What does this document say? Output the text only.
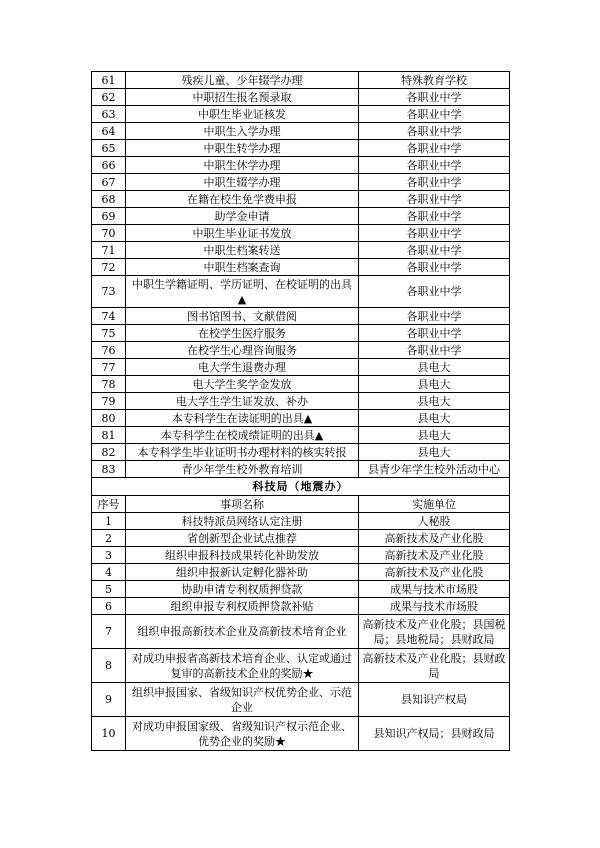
61	残疾儿童、少年辍学办理	特殊教育学校
62	中职招生报名预录取	各职业中学
63	中职生毕业证核发	各职业中学
64	中职生入学办理	各职业中学
65	中职生转学办理	各职业中学
66	中职生休学办理	各职业中学
67	中职生辍学办理	各职业中学
68	在籍在校生免学费申报	各职业中学
69	助学金申请	各职业中学
70	中职生毕业证书发放	各职业中学
71	中职生档案转送	各职业中学
72	中职生档案查询	各职业中学
73	中职生学籍证明、学历证明、在校证明的出具▲	各职业中学
74	图书馆图书、文献借阅	各职业中学
75	在校学生医疗服务	各职业中学
76	在校学生心理咨询服务	各职业中学
77	电大学生退费办理	县电大
78	电大学生奖学金发放	县电大
79	电大学生学生证发放、补办	县电大
80	本专科学生在读证明的出具▲	县电大
81	本专科学生在校成绩证明的出具▲	县电大
82	本专科学生毕业证明书办理材料的核实转报	县电大
83	青少年学生校外教育培训	县青少年学生校外活动中心
科技局（地震办）		
序号	事项名称	实施单位
1	科技特派员网络认定注册	人秘股
2	省创新型企业试点推荐	高新技术及产业化股
3	组织申报科技成果转化补助发放	高新技术及产业化股
4	组织申报新认定孵化器补助	高新技术及产业化股
5	协助申请专利权质押贷款	成果与技术市场股
6	组织申报专利权质押贷款补贴	成果与技术市场股
7	组织申报高新技术企业及高新技术培育企业	高新技术及产业化股；县国税局；县地税局；县财政局
8	对成功申报省高新技术培育企业、认定或通过复审的高新技术企业的奖励★	高新技术及产业化股；县财政局
9	组织申报国家、省级知识产权优势企业、示范企业	县知识产权局
10	对成功申报国家级、省级知识产权示范企业、优势企业的奖励★	县知识产权局；县财政局
